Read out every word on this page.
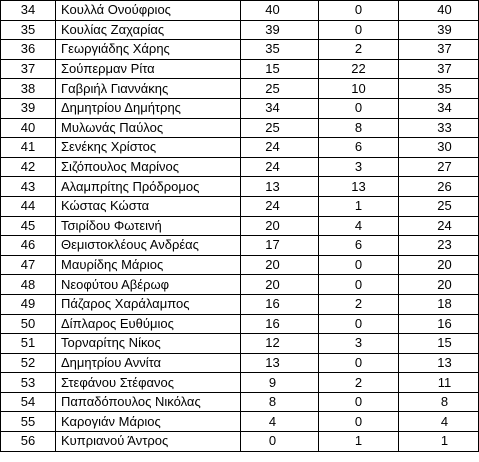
34	Κουλλά Ονούφριος	40	0	40
35	Κουλίας Ζαχαρίας	39	0	39
36	Γεωργιάδης Χάρης	35	2	37
37	Σούπερμαν Ρίτα	15	22	37
38	Γαβριήλ Γιαννάκης	25	10	35
39	Δημητρίου Δημήτρης	34	0	34
40	Μυλωνάς Παύλος	25	8	33
41	Σενέκης Χρίστος	24	6	30
42	Σιζόπουλος Μαρίνος	24	3	27
43	Αλαμπρίτης Πρόδρομος	13	13	26
44	Κώστας Κώστα	24	1	25
45	Τσιρίδου Φωτεινή	20	4	24
46	Θεμιστοκλέους Ανδρέας	17	6	23
47	Μαυρίδης Μάριος	20	0	20
48	Νεοφύτου Αβέρωφ	20	0	20
49	Πάζαρος Χαράλαμπος	16	2	18
50	Δίπλαρος Ευθύμιος	16	0	16
51	Τορναρίτης Νίκος	12	3	15
52	Δημητρίου Αννίτα	13	0	13
53	Στεφάνου Στέφανος	9	2	11
54	Παπαδόπουλος Νικόλας	8	0	8
55	Καρογιάν Μάριος	4	0	4
56	Κυπριανού Άντρος	0	1	1
